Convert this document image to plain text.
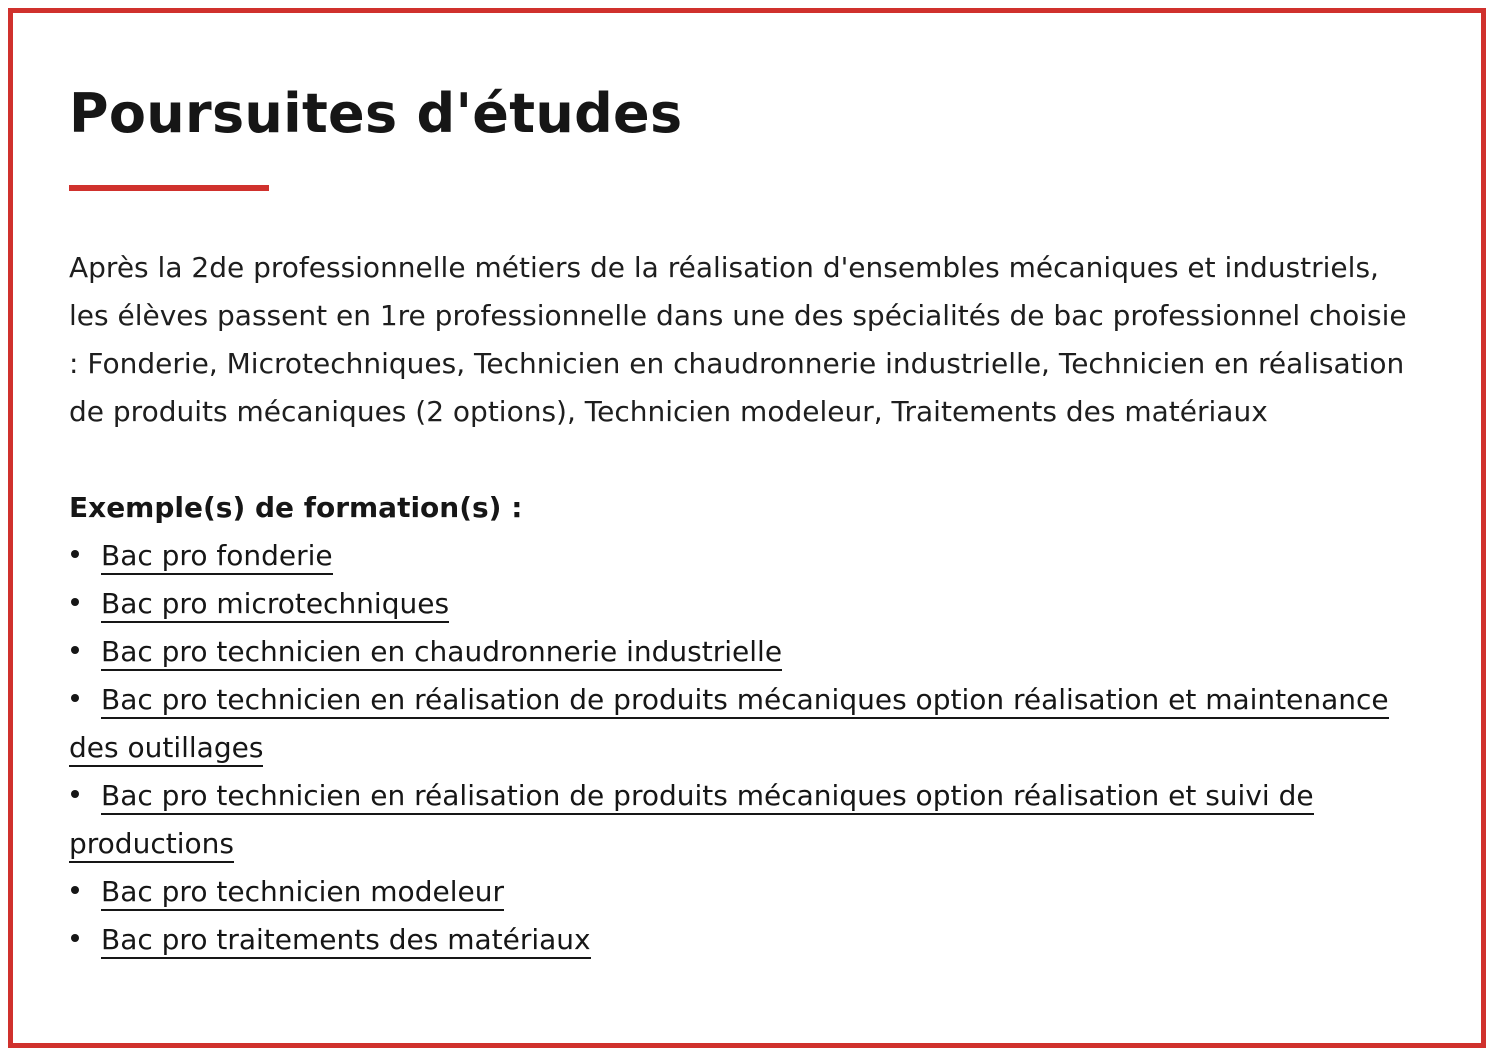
Poursuites d'études

Après la 2de professionnelle métiers de la réalisation d'ensembles mécaniques et industriels, les élèves passent en 1re professionnelle dans une des spécialités de bac professionnel choisie : Fonderie, Microtechniques, Technicien en chaudronnerie industrielle, Technicien en réalisation de produits mécaniques (2 options), Technicien modeleur, Traitements des matériaux

Exemple(s) de formation(s) :

Bac pro fonderie
Bac pro microtechniques
Bac pro technicien en chaudronnerie industrielle
Bac pro technicien en réalisation de produits mécaniques option réalisation et maintenance des outillages
Bac pro technicien en réalisation de produits mécaniques option réalisation et suivi de productions
Bac pro technicien modeleur
Bac pro traitements des matériaux
